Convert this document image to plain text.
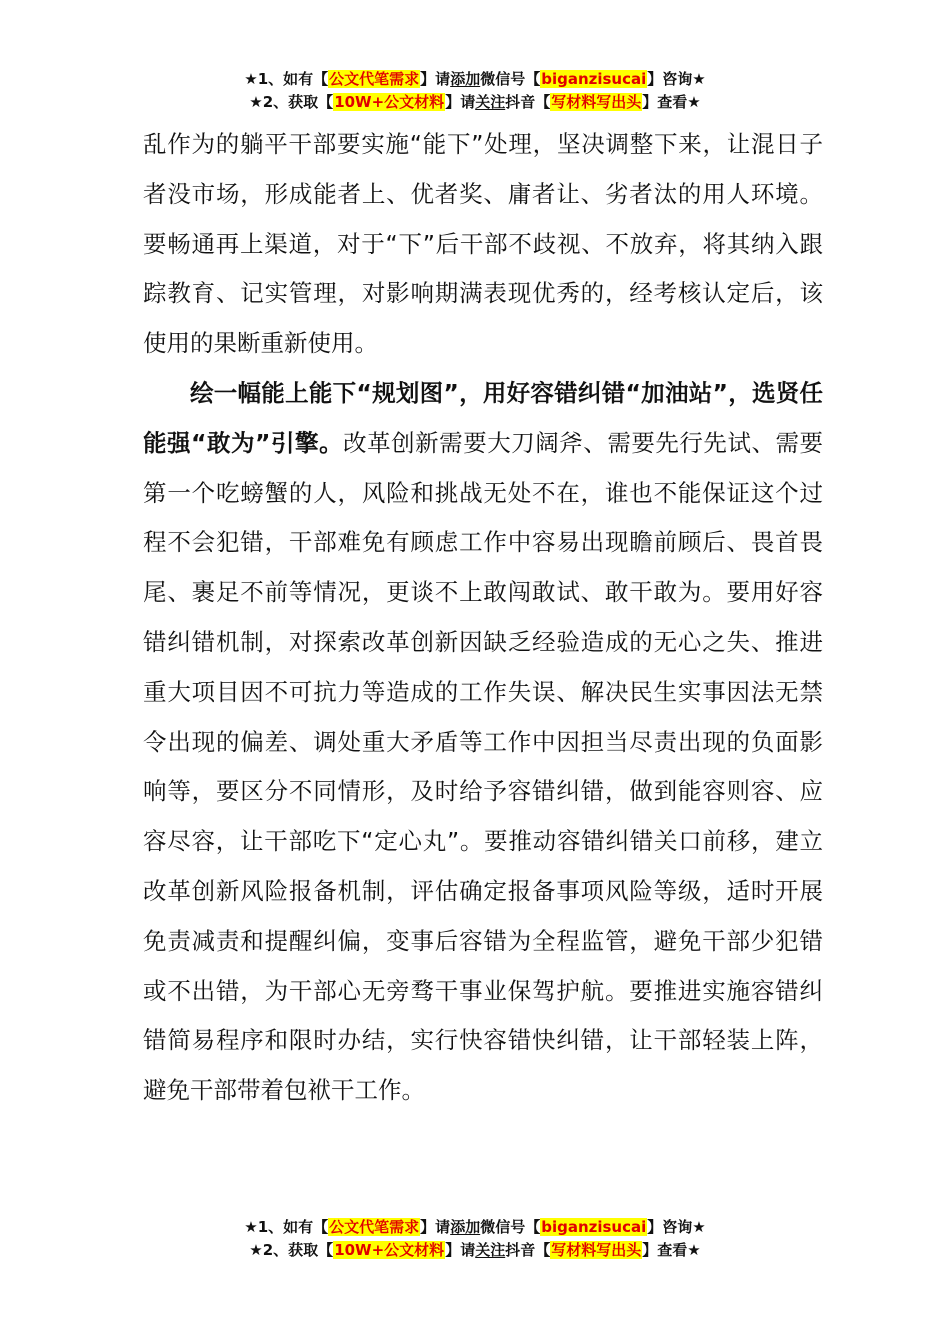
★1、如有【公文代笔需求】请添加微信号【biganzisucai】咨询★
★2、获取【10W+公文材料】请关注抖音【写材料写出头】查看★

乱作为的躺平干部要实施“能下”处理，坚决调整下来，让混日子者没市场，形成能者上、优者奖、庸者让、劣者汰的用人环境。要畅通再上渠道，对于“下”后干部不歧视、不放弃，将其纳入跟踪教育、记实管理，对影响期满表现优秀的，经考核认定后，该使用的果断重新使用。

绘一幅能上能下“规划图”，用好容错纠错“加油站”，选贤任能强“敢为”引擎。改革创新需要大刀阔斧、需要先行先试、需要第一个吃螃蟹的人，风险和挑战无处不在，谁也不能保证这个过程不会犯错，干部难免有顾虑工作中容易出现瞻前顾后、畏首畏尾、裹足不前等情况，更谈不上敢闯敢试、敢干敢为。要用好容错纠错机制，对探索改革创新因缺乏经验造成的无心之失、推进重大项目因不可抗力等造成的工作失误、解决民生实事因法无禁令出现的偏差、调处重大矛盾等工作中因担当尽责出现的负面影响等，要区分不同情形，及时给予容错纠错，做到能容则容、应容尽容，让干部吃下“定心丸”。要推动容错纠错关口前移，建立改革创新风险报备机制，评估确定报备事项风险等级，适时开展免责减责和提醒纠偏，变事后容错为全程监管，避免干部少犯错或不出错，为干部心无旁骛干事业保驾护航。要推进实施容错纠错简易程序和限时办结，实行快容错快纠错，让干部轻装上阵，避免干部带着包袱干工作。

★1、如有【公文代笔需求】请添加微信号【biganzisucai】咨询★
★2、获取【10W+公文材料】请关注抖音【写材料写出头】查看★
